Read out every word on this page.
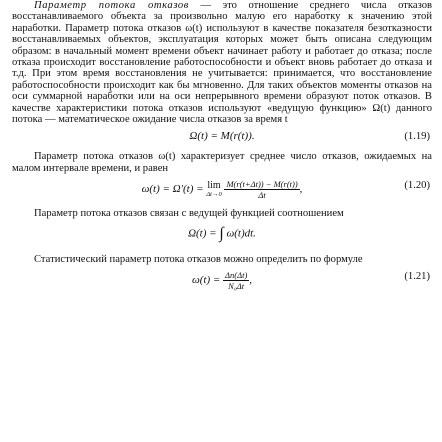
Параметр потока отказов — это отношение среднего числа отказов восстанавливаемого объекта за произвольно малую его наработку к значению этой наработки. Параметр потока отказов ω(t) используют в качестве показателя безотказности восстанавливаемых объектов, эксплуатация которых может быть описана следующим образом: в начальный момент времени объект начинает работу и работает до отказа; после отказа происходит восстановление работоспособности и объект вновь работает до отказа и т.д. При этом время восстановления не учитывается: принимается, что восстановление работоспособности происходит как бы мгновенно. Для таких объектов моменты отказов на оси суммарной наработки или на оси непрерывного времени образуют поток отказов. В качестве характеристики потока отказов используют «ведущую функцию» Ω(t) данного потока — математическое ожидание числа отказов за время t

Ω(t) = M(r(t)).	(1.19)

Параметр потока отказов ω(t) характеризует среднее число отказов, ожидаемых на малом интервале времени, и равен

ω(t) = Ω′(t) = lim
Δt→0
$\frac{M(r(t+\Delta t)) - M(r(t))}{\Delta t}$ ,	(1.20)

Параметр потока отказов связан с ведущей функцией соотношением

Ω(t) = ∫ ω(t)dt.

Статистический параметр потока отказов можно определить по формуле

$\omega(t) = \frac{\Delta n(\Delta t)}{\text{N₀Δt}}$ ,	(1.21)
